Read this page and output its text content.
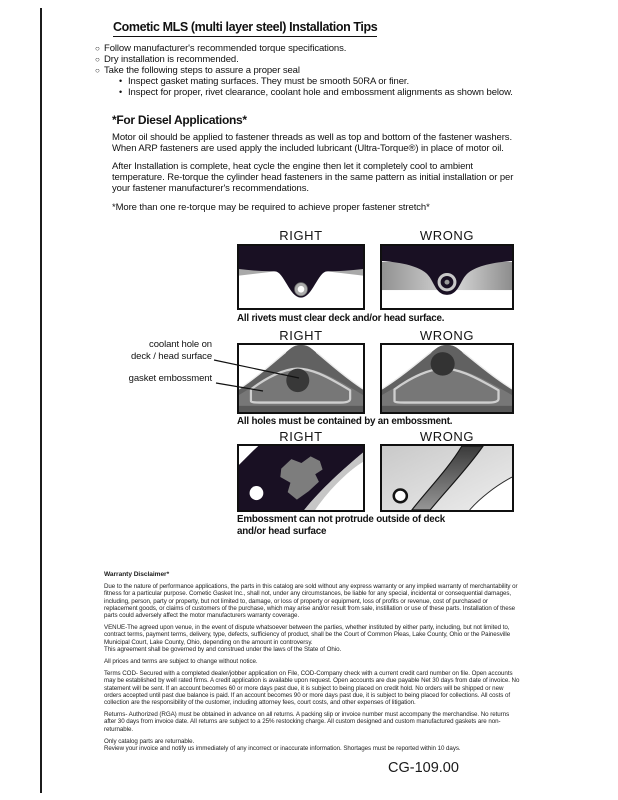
Cometic MLS (multi layer steel) Installation Tips
○ Follow manufacturer's recommended torque specifications.
○ Dry installation is recommended.
○ Take the following steps to assure a proper seal
• Inspect gasket mating surfaces. They must be smooth 50RA or finer.
• Inspect for proper, rivet clearance, coolant hole and embossment alignments as shown below.
*For Diesel Applications*

Motor oil should be applied to fastener threads as well as top and bottom of the fastener washers. When ARP fasteners are used apply the included lubricant (Ultra-Torque®) in place of motor oil.

After Installation is complete, heat cycle the engine then let it completely cool to ambient temperature. Re-torque the cylinder head fasteners in the same pattern as initial installation or per your fastener manufacturer's recommendations.

*More than one re-torque may be required to achieve proper fastener stretch*

RIGHT	WRONG
All rivets must clear deck and/or head surface.
RIGHT	WRONG
coolant hole on
deck / head surface
gasket embossment
All holes must be contained by an embossment.
RIGHT	WRONG
Embossment can not protrude outside of deck
and/or head surface
Warranty Disclaimer*

Due to the nature of performance applications, the parts in this catalog are sold without any express warranty or any implied warranty of merchantability or fitness for a particular purpose. Cometic Gasket Inc., shall not, under any circumstances, be liable for any special, incidental or consequential damages, including, person, party or property, but not limited to, damage, or loss of property or equipment, loss of profits or revenue, cost of purchased or replacement goods, or claims of customers of the purchase, which may arise and/or result from sale, instillation or use of these parts. Installation of these parts could adversely affect the motor manufacturers warranty coverage.

VENUE-The agreed upon venue, in the event of dispute whatsoever between the parties, whether instituted by either party, including, but not limited to, contract terms, payment terms, delivery, type, defects, sufficiency of product, shall be the Court of Common Pleas, Lake County, Ohio or the Painesville Municipal Court, Lake County, Ohio, depending on the amount in controversy.

This agreement shall be governed by and construed under the laws of the State of Ohio.

All prices and terms are subject to change without notice.

Terms COD- Secured with a completed dealer/jobber application on File, COD-Company check with a current credit card number on file. Open accounts may be established by well rated firms. A credit application is available upon request. Open accounts are due payable Net 30 days from date of invoice. No statement will be sent. If an account becomes 60 or more days past due, it is subject to being placed on credit hold. No orders will be shipped or new orders accepted until past due balance is paid. If an account becomes 90 or more days past due, it is subject to being placed for collections. All costs of collection are the responsibility of the customer, including attorney fees, court costs, and other expenses of litigation.

Returns- Authorized (RGA) must be obtained in advance on all returns. A packing slip or invoice number must accompany the merchandise. No returns after 30 days from invoice date. All returns are subject to a 25% restocking charge. All custom designed and custom manufactured gaskets are non-returnable.

Only catalog parts are returnable.

Review your invoice and notify us immediately of any incorrect or inaccurate information. Shortages must be reported within 10 days.

CG-109.00
